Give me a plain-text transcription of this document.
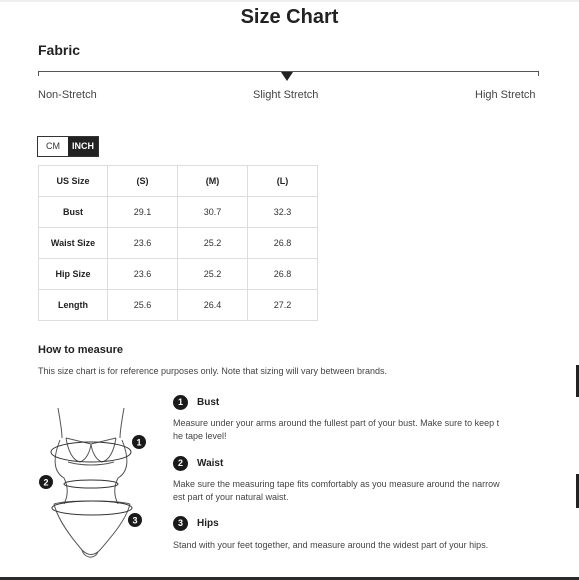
Size Chart
Fabric
Non-Stretch	Slight Stretch	High Stretch
CM	INCH
US Size	(S)	(M)	(L)
Bust	29.1	30.7	32.3
Waist Size	23.6	25.2	26.8
Hip Size	23.6	25.2	26.8
Length	25.6	26.4	27.2
How to measure
This size chart is for reference purposes only. Note that sizing will vary between brands.
1
2
3
1	Bust
Measure under your arms around the fullest part of your bust. Make sure to keep the tape level!
2	Waist
Make sure the measuring tape fits comfortably as you measure around the narrowest part of your natural waist.
3	Hips
Stand with your feet together, and measure around the widest part of your hips.
